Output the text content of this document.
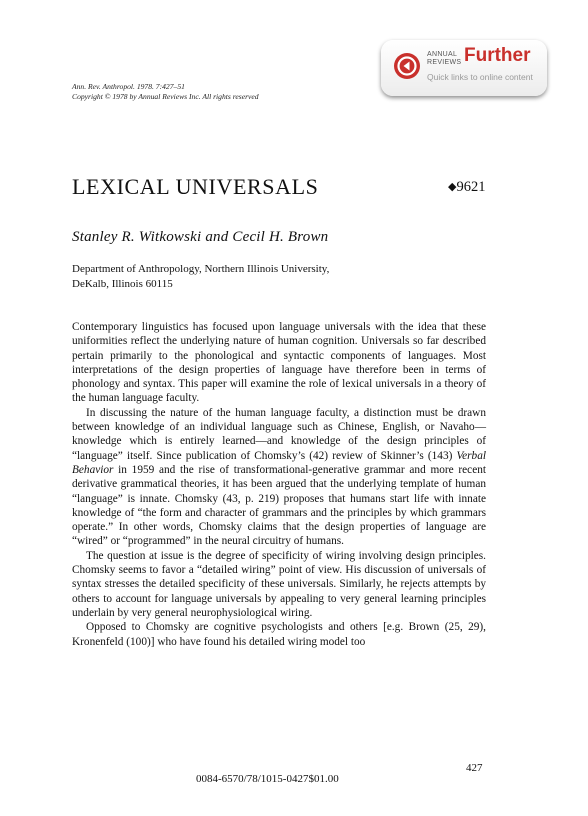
Ann. Rev. Anthropol. 1978. 7:427–51
Copyright © 1978 by Annual Reviews Inc. All rights reserved
ANNUAL
REVIEWS Further
Quick links to online content
LEXICAL UNIVERSALS	◆9621
Stanley R. Witkowski and Cecil H. Brown
Department of Anthropology, Northern Illinois University,
DeKalb, Illinois 60115

Contemporary linguistics has focused upon language universals with the idea that these uniformities reflect the underlying nature of human cognition. Universals so far described pertain primarily to the phonological and syntactic components of languages. Most interpretations of the design properties of language have therefore been in terms of phonology and syntax. This paper will examine the role of lexical universals in a theory of the human language faculty.

In discussing the nature of the human language faculty, a distinction must be drawn between knowledge of an individual language such as Chinese, English, or Navaho—knowledge which is entirely learned—and knowledge of the design principles of “language” itself. Since publication of Chomsky’s (42) review of Skinner’s (143) Verbal Behavior in 1959 and the rise of transformational-generative grammar and more recent derivative grammatical theories, it has been argued that the underlying template of human “language” is innate. Chomsky (43, p. 219) proposes that humans start life with innate knowledge of “the form and character of grammars and the principles by which grammars operate.” In other words, Chomsky claims that the design properties of language are “wired” or “programmed” in the neural circuitry of humans.

The question at issue is the degree of specificity of wiring involving design principles. Chomsky seems to favor a “detailed wiring” point of view. His discussion of universals of syntax stresses the detailed specificity of these universals. Similarly, he rejects attempts by others to account for language universals by appealing to very general learning principles underlain by very general neurophysiological wiring.

Opposed to Chomsky are cognitive psychologists and others [e.g. Brown (25, 29), Kronenfeld (100)] who have found his detailed wiring model too

427
0084-6570/78/1015-0427$01.00
